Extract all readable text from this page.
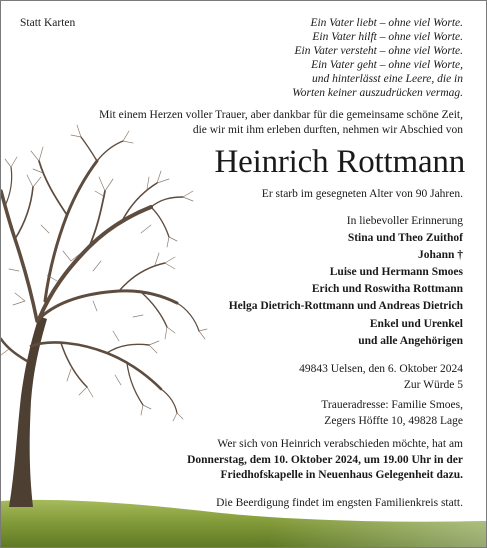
Statt Karten	Ein Vater liebt – ohne viel Worte.
Ein Vater hilft – ohne viel Worte.
Ein Vater versteht – ohne viel Worte.
Ein Vater geht – ohne viel Worte,
und hinterlässt eine Leere, die in
Worten keiner auszudrücken vermag.
Mit einem Herzen voller Trauer, aber dankbar für die gemeinsame schöne Zeit,
die wir mit ihm erleben durften, nehmen wir Abschied von
Heinrich Rottmann
Er starb im gesegneten Alter von 90 Jahren.
In liebevoller Erinnerung
Stina und Theo Zuithof
Johann †
Luise und Hermann Smoes
Erich und Roswitha Rottmann
Helga Dietrich-Rottmann und Andreas Dietrich
Enkel und Urenkel
und alle Angehörigen
49843 Uelsen, den 6. Oktober 2024
Zur Würde 5
Traueradresse: Familie Smoes,
Zegers Höffte 10, 49828 Lage
Wer sich von Heinrich verabschieden möchte, hat am
Donnerstag, dem 10. Oktober 2024, um 19.00 Uhr in der
Friedhofskapelle in Neuenhaus Gelegenheit dazu.
Die Beerdigung findet im engsten Familienkreis statt.
